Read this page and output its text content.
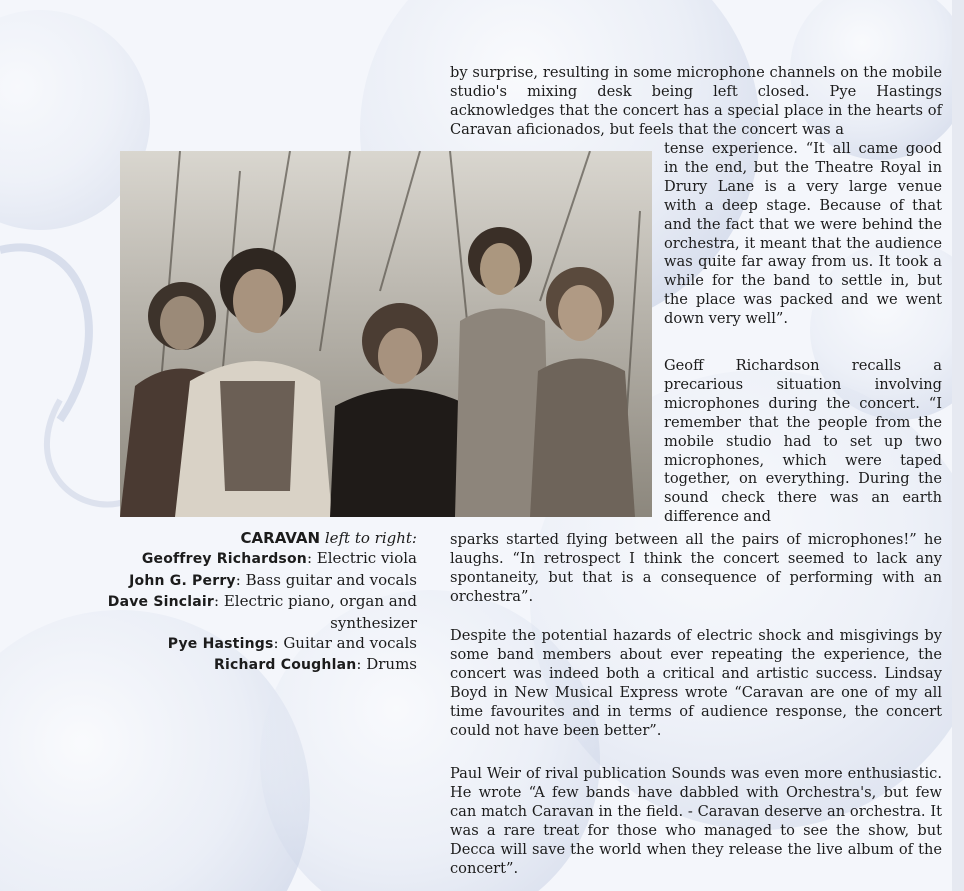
by surprise, resulting in some microphone channels on the mobile studio's mixing desk being left closed. Pye Hastings acknowledges that the concert has a special place in the hearts of Caravan aficionados, but feels that the concert was a

tense experience. “It all came good in the end, but the Theatre Royal in Drury Lane is a very large venue with a deep stage. Because of that and the fact that we were behind the orchestra, it meant that the audience was quite far away from us. It took a while for the band to settle in, but the place was packed and we went down very well”.

Geoff Richardson recalls a precarious situation involving microphones during the concert. “I remember that the people from the mobile studio had to set up two microphones, which were taped together, on everything. During the sound check there was an earth difference and

sparks started flying between all the pairs of microphones!” he laughs. “In retrospect I think the concert seemed to lack any spontaneity, but that is a consequence of performing with an orchestra”.

Despite the potential hazards of electric shock and misgivings by some band members about ever repeating the experience, the concert was indeed both a critical and artistic success. Lindsay Boyd in New Musical Express wrote “Caravan are one of my all time favourites and in terms of audience response, the concert could not have been better”.

Paul Weir of rival publication Sounds was even more enthusiastic. He wrote “A few bands have dabbled with Orchestra's, but few can match Caravan in the field. - Caravan deserve an orchestra. It was a rare treat for those who managed to see the show, but Decca will save the world when they release the live album of the concert”.

CARAVAN left to right:
Geoffrey Richardson: Electric viola
John G. Perry: Bass guitar and vocals
Dave Sinclair: Electric piano, organ and synthesizer
Pye Hastings: Guitar and vocals
Richard Coughlan: Drums
